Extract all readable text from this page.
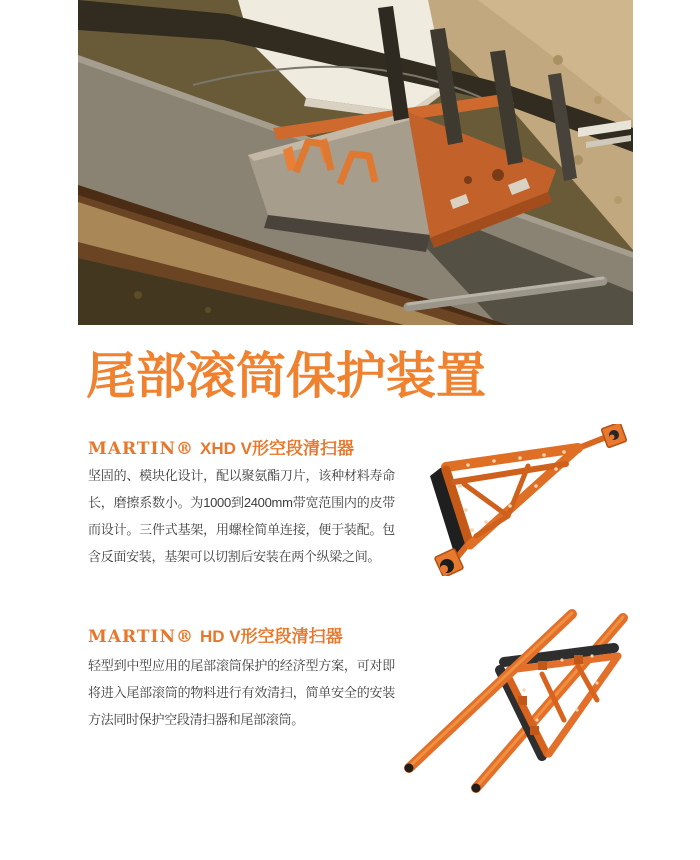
尾部滚筒保护装置
MARTIN® XHD V形空段清扫器

坚固的、模块化设计，配以聚氨酯刀片，该种材料寿命长，磨擦系数小。为1000到2400mm带宽范围内的皮带而设计。三件式基架，用螺栓简单连接，便于装配。包含反面安装，基架可以切割后安装在两个纵梁之间。

MARTIN® HD V形空段清扫器

轻型到中型应用的尾部滚筒保护的经济型方案，可对即将进入尾部滚筒的物料进行有效清扫，简单安全的安装方法同时保护空段清扫器和尾部滚筒。
